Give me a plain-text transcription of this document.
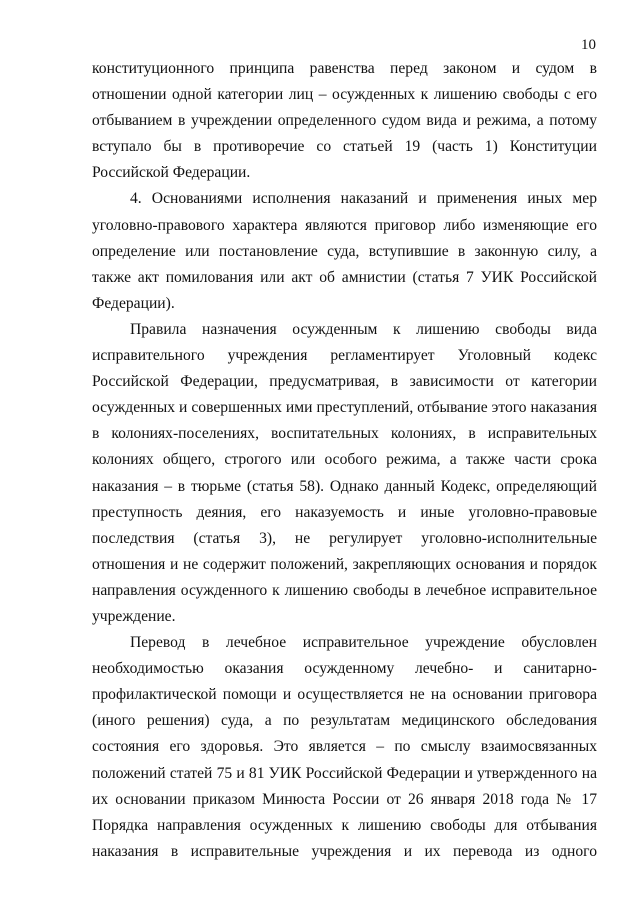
10
конституционного принципа равенства перед законом и судом в
отношении одной категории лиц – осужденных к лишению свободы с его
отбыванием в учреждении определенного судом вида и режима, а потому
вступало бы в противоречие со статьей 19 (часть 1) Конституции
Российской Федерации.
4. Основаниями исполнения наказаний и применения иных мер
уголовно-правового характера являются приговор либо изменяющие его
определение или постановление суда, вступившие в законную силу, а
также акт помилования или акт об амнистии (статья 7 УИК Российской
Федерации).
Правила назначения осужденным к лишению свободы вида
исправительного учреждения регламентирует Уголовный кодекс
Российской Федерации, предусматривая, в зависимости от категории
осужденных и совершенных ими преступлений, отбывание этого наказания
в колониях-поселениях, воспитательных колониях, в исправительных
колониях общего, строгого или особого режима, а также части срока
наказания – в тюрьме (статья 58). Однако данный Кодекс, определяющий
преступность деяния, его наказуемость и иные уголовно-правовые
последствия (статья 3), не регулирует уголовно-исполнительные
отношения и не содержит положений, закрепляющих основания и порядок
направления осужденного к лишению свободы в лечебное исправительное
учреждение.
Перевод в лечебное исправительное учреждение обусловлен
необходимостью оказания осужденному лечебно- и санитарно-
профилактической помощи и осуществляется не на основании приговора
(иного решения) суда, а по результатам медицинского обследования
состояния его здоровья. Это является – по смыслу взаимосвязанных
положений статей 75 и 81 УИК Российской Федерации и утвержденного на
их основании приказом Минюста России от 26 января 2018 года № 17
Порядка направления осужденных к лишению свободы для отбывания
наказания в исправительные учреждения и их перевода из одного
